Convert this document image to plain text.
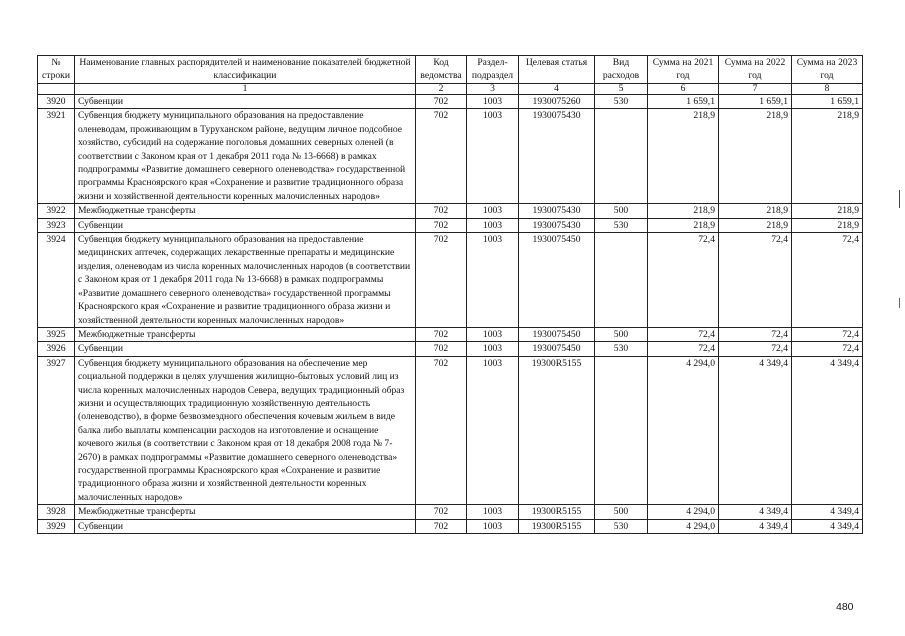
№ строки	Наименование главных распорядителей и наименование показателей бюджетной классификации	Код ведомства	Раздел-подраздел	Целевая статья	Вид расходов	Сумма на 2021 год	Сумма на 2022 год	Сумма на 2023 год
	1	2	3	4	5	6	7	8
3920	Субвенции	702	1003	1930075260	530	1 659,1	1 659,1	1 659,1
3921	Субвенция бюджету муниципального образования на предоставление оленеводам, проживающим в Туруханском районе, ведущим личное подсобное хозяйство, субсидий на содержание поголовья домашних северных оленей (в соответствии с Законом края от 1 декабря 2011 года № 13-6668) в рамках подпрограммы «Развитие домашнего северного оленеводства» государственной программы Красноярского края «Сохранение и развитие традиционного образа жизни и хозяйственной деятельности коренных малочисленных народов»	702	1003	1930075430		218,9	218,9	218,9
3922	Межбюджетные трансферты	702	1003	1930075430	500	218,9	218,9	218,9
3923	Субвенции	702	1003	1930075430	530	218,9	218,9	218,9
3924	Субвенция бюджету муниципального образования на предоставление медицинских аптечек, содержащих лекарственные препараты и медицинские изделия, оленеводам из числа коренных малочисленных народов (в соответствии с Законом края от 1 декабря 2011 года № 13-6668) в рамках подпрограммы «Развитие домашнего северного оленеводства» государственной программы Красноярского края «Сохранение и развитие традиционного образа жизни и хозяйственной деятельности коренных малочисленных народов»	702	1003	1930075450		72,4	72,4	72,4
3925	Межбюджетные трансферты	702	1003	1930075450	500	72,4	72,4	72,4
3926	Субвенции	702	1003	1930075450	530	72,4	72,4	72,4
3927	Субвенция бюджету муниципального образования на обеспечение мер социальной поддержки в целях улучшения жилищно-бытовых условий лиц из числа коренных малочисленных народов Севера, ведущих традиционный образ жизни и осуществляющих традиционную хозяйственную деятельность (оленеводство), в форме безвозмездного обеспечения кочевым жильем в виде балка либо выплаты компенсации расходов на изготовление и оснащение кочевого жилья (в соответствии с Законом края от 18 декабря 2008 года № 7-2670) в рамках подпрограммы «Развитие домашнего северного оленеводства» государственной программы Красноярского края «Сохранение и развитие традиционного образа жизни и хозяйственной деятельности коренных малочисленных народов»	702	1003	19300R5155		4 294,0	4 349,4	4 349,4
3928	Межбюджетные трансферты	702	1003	19300R5155	500	4 294,0	4 349,4	4 349,4
3929	Субвенции	702	1003	19300R5155	530	4 294,0	4 349,4	4 349,4
480
